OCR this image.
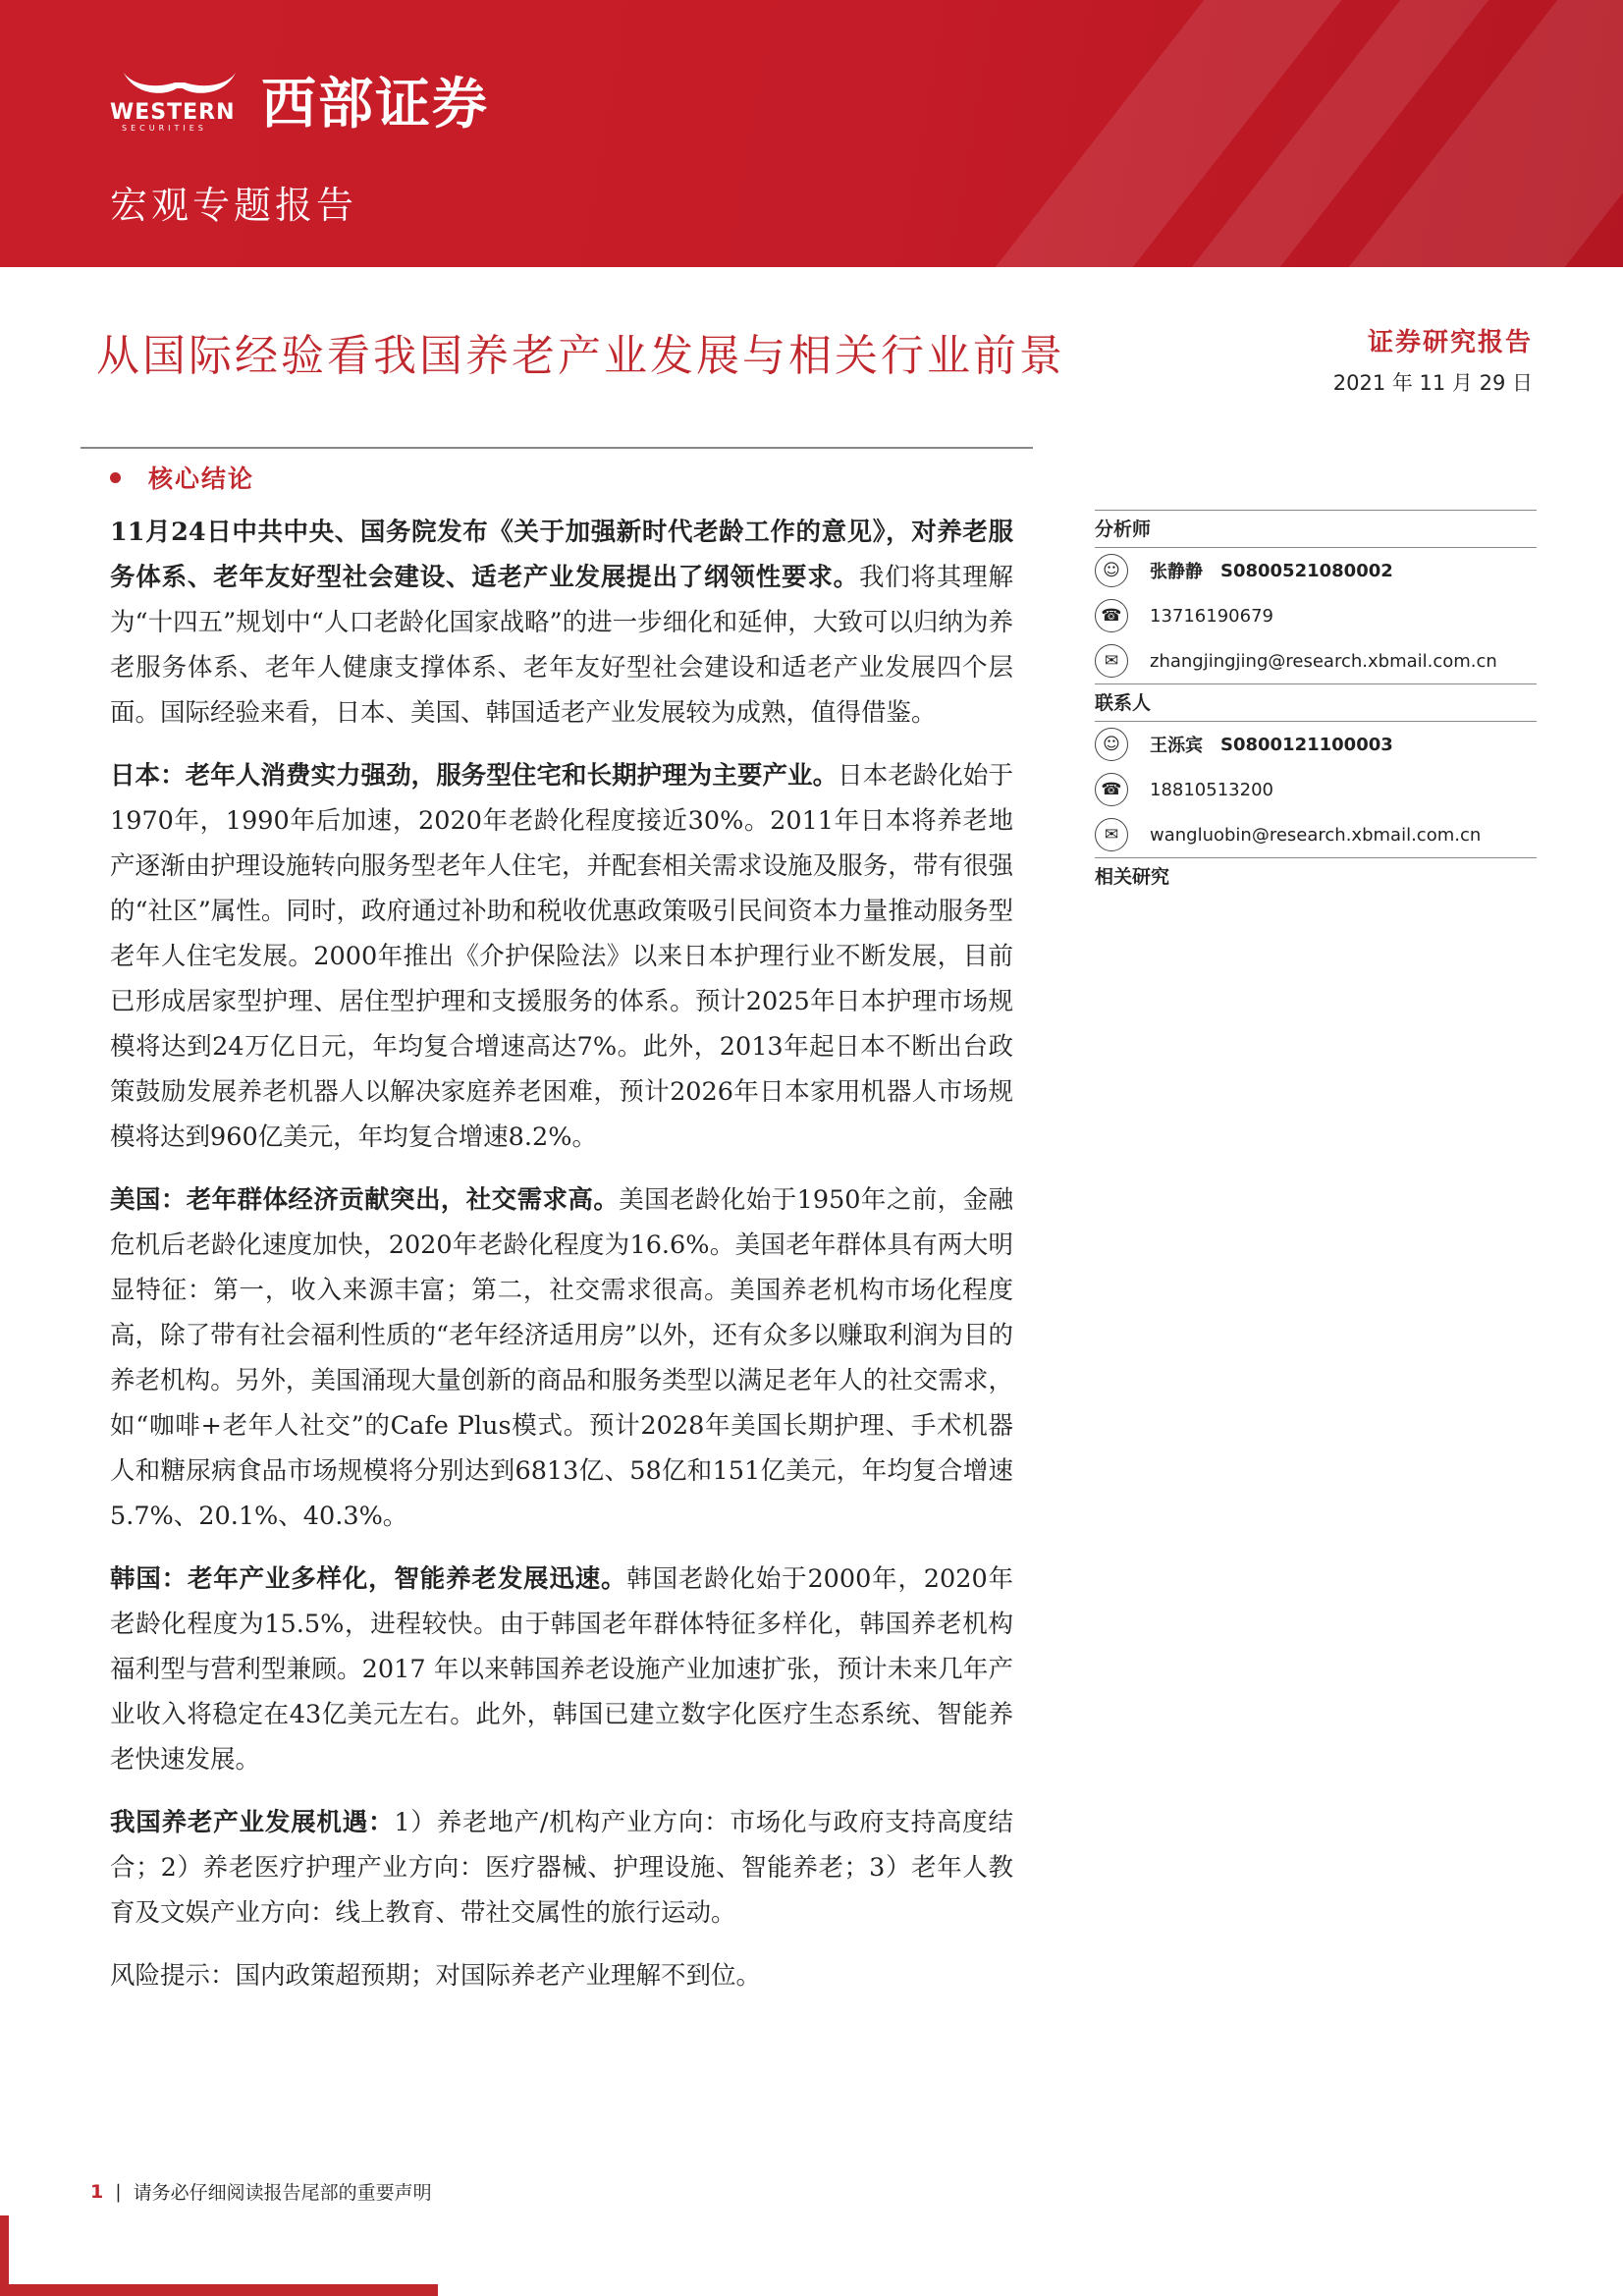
WESTERN
SECURITIES 西部证券
宏观专题报告
从国际经验看我国养老产业发展与相关行业前景	证券研究报告
2021 年 11 月 29 日
核心结论

11月24日中共中央、国务院发布《关于加强新时代老龄工作的意见》，对养老服务体系、老年友好型社会建设、适老产业发展提出了纲领性要求。我们将其理解为“十四五”规划中“人口老龄化国家战略”的进一步细化和延伸，大致可以归纳为养老服务体系、老年人健康支撑体系、老年友好型社会建设和适老产业发展四个层面。国际经验来看，日本、美国、韩国适老产业发展较为成熟，值得借鉴。

日本：老年人消费实力强劲，服务型住宅和长期护理为主要产业。日本老龄化始于1970年，1990年后加速，2020年老龄化程度接近30%。2011年日本将养老地产逐渐由护理设施转向服务型老年人住宅，并配套相关需求设施及服务，带有很强的“社区”属性。同时，政府通过补助和税收优惠政策吸引民间资本力量推动服务型老年人住宅发展。2000年推出《介护保险法》以来日本护理行业不断发展，目前已形成居家型护理、居住型护理和支援服务的体系。预计2025年日本护理市场规模将达到24万亿日元，年均复合增速高达7%。此外，2013年起日本不断出台政策鼓励发展养老机器人以解决家庭养老困难，预计2026年日本家用机器人市场规模将达到960亿美元，年均复合增速8.2%。

美国：老年群体经济贡献突出，社交需求高。美国老龄化始于1950年之前，金融危机后老龄化速度加快，2020年老龄化程度为16.6%。美国老年群体具有两大明显特征：第一，收入来源丰富；第二，社交需求很高。美国养老机构市场化程度高，除了带有社会福利性质的“老年经济适用房”以外，还有众多以赚取利润为目的养老机构。另外，美国涌现大量创新的商品和服务类型以满足老年人的社交需求，如“咖啡+老年人社交”的Cafe Plus模式。预计2028年美国长期护理、手术机器人和糖尿病食品市场规模将分别达到6813亿、58亿和151亿美元，年均复合增速5.7%、20.1%、40.3%。

韩国：老年产业多样化，智能养老发展迅速。韩国老龄化始于2000年，2020年老龄化程度为15.5%，进程较快。由于韩国老年群体特征多样化，韩国养老机构福利型与营利型兼顾。2017 年以来韩国养老设施产业加速扩张，预计未来几年产业收入将稳定在43亿美元左右。此外，韩国已建立数字化医疗生态系统、智能养老快速发展。

我国养老产业发展机遇：1）养老地产/机构产业方向：市场化与政府支持高度结合；2）养老医疗护理产业方向：医疗器械、护理设施、智能养老；3）老年人教育及文娱产业方向：线上教育、带社交属性的旅行运动。

风险提示：国内政策超预期；对国际养老产业理解不到位。

分析师
☺	张静静 S0800521080002
☎	13716190679
✉	zhangjingjing@research.xbmail.com.cn
联系人
☺	王泺宾 S0800121100003
☎	18810513200
✉	wangluobin@research.xbmail.com.cn
相关研究
1 | 请务必仔细阅读报告尾部的重要声明
